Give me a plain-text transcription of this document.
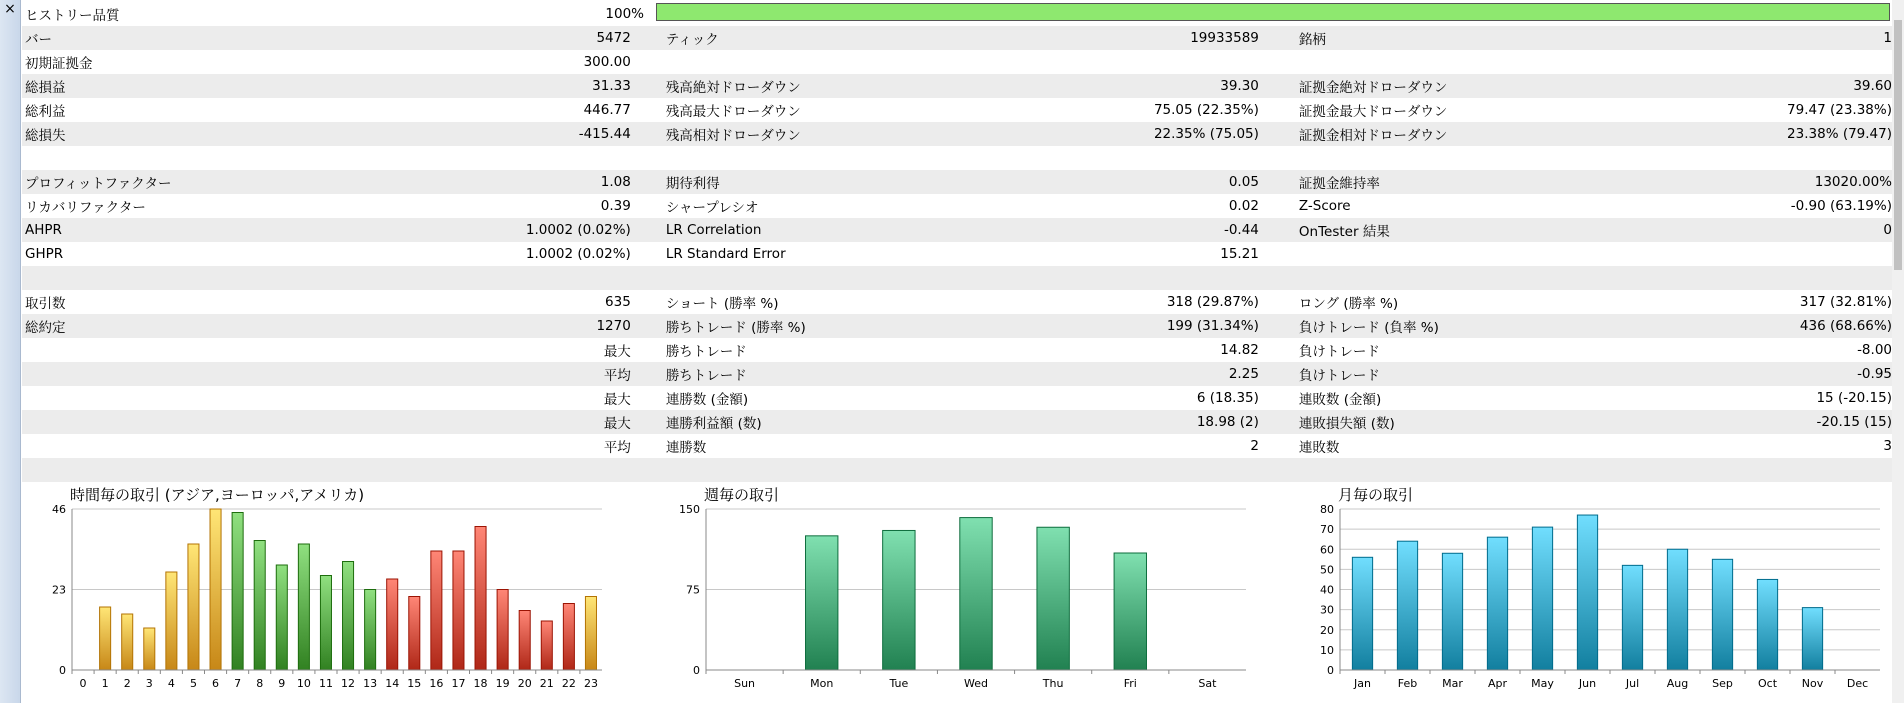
× ヒストリー品質	100%
バー	5472	ティック	19933589	銘柄	1
初期証拠金	300.00
総損益	31.33	残高絶対ドローダウン	39.30	証拠金絶対ドローダウン	39.60
総利益	446.77	残高最大ドローダウン	75.05 (22.35%)	証拠金最大ドローダウン	79.47 (23.38%)
総損失	-415.44	残高相対ドローダウン	22.35% (75.05)	証拠金相対ドローダウン	23.38% (79.47)
プロフィットファクター	1.08	期待利得	0.05	証拠金維持率	13020.00%
リカバリファクター	0.39	シャープレシオ	0.02	Z-Score	-0.90 (63.19%)
AHPR	1.0002 (0.02%)	LR Correlation	-0.44	OnTester 結果	0
GHPR	1.0002 (0.02%)	LR Standard Error	15.21
取引数	635	ショート (勝率 %)	318 (29.87%)	ロング (勝率 %)	317 (32.81%)
総約定	1270	勝ちトレード (勝率 %)	199 (31.34%)	負けトレード (負率 %)	436 (68.66%)
最大	勝ちトレード	14.82	負けトレード	-8.00
平均	勝ちトレード	2.25	負けトレード	-0.95
最大	連勝数 (金額)	6 (18.35)	連敗数 (金額)	15 (-20.15)
最大	連勝利益額 (数)	18.98 (2)	連敗損失額 (数)	-20.15 (15)
平均	連勝数	2	連敗数	3
時間毎の取引 (アジア,ヨーロッパ,アメリカ)	週毎の取引	月毎の取引
0
23
46
0 1 2 3 4 5 6 7 8 9 10 11 12 13 14 15 16 17 18 19 20 21 22 23
0
75
150
Sun	Mon	Tue	Wed	Thu	Fri	Sat
0
10
20
30
40
50
60
70
80
Jan Feb Mar Apr May Jun	Jul	Aug Sep Oct Nov Dec
